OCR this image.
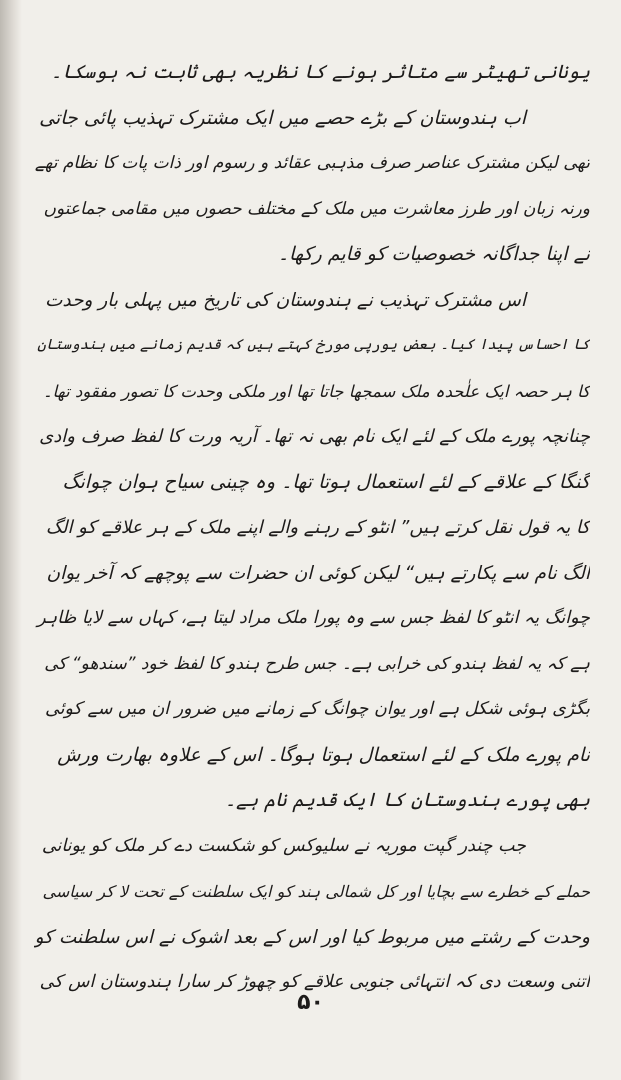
یونانی تھیٹر سے متاثر ہونے کا نظریہ بھی ثابت نہ ہوسکا۔
اب ہندوستان کے بڑے حصے میں ایک مشترک تہذیب پائی جاتی
تھی لیکن مشترک عناصر صرف مذہبی عقائد و رسوم اور ذات پات کا نظام تھے
ورنہ زبان اور طرز معاشرت میں ملک کے مختلف حصوں میں مقامی جماعتوں
نے اپنا جداگانہ خصوصیات کو قایم رکھا۔
اس مشترک تہذیب نے ہندوستان کی تاریخ میں پہلی بار وحدت
کا احساس پیدا کیا۔ بعض یورپی مورخ کہتے ہیں کہ قدیم زمانے میں ہندوستان
کا ہر حصہ ایک علٰحدہ ملک سمجھا جاتا تھا اور ملکی وحدت کا تصور مفقود تھا۔
چنانچہ پورے ملک کے لئے ایک نام بھی نہ تھا۔ آریہ ورت کا لفظ صرف وادی
گنگا کے علاقے کے لئے استعمال ہوتا تھا۔ وہ چینی سیاح ہوان چوانگ
کا یہ قول نقل کرتے ہیں” انٹو کے رہنے والے اپنے ملک کے ہر علاقے کو الگ
الگ نام سے پکارتے ہیں“ لیکن کوئی ان حضرات سے پوچھے کہ آخر یوان
چوانگ یہ انٹو کا لفظ جس سے وہ پورا ملک مراد لیتا ہے، کہاں سے لایا ظاہر
ہے کہ یہ لفظ ہندو کی خرابی ہے۔ جس طرح ہندو کا لفظ خود ”سندھو“ کی
بگڑی ہوئی شکل ہے اور یوان چوانگ کے زمانے میں ضرور ان میں سے کوئی
نام پورے ملک کے لئے استعمال ہوتا ہوگا۔ اس کے علاوہ بھارت ورش
بھی پورے ہندوستان کا ایک قدیم نام ہے۔
جب چندر گپت موریہ نے سلیوکس کو شکست دے کر ملک کو یونانی
حملے کے خطرے سے بچایا اور کل شمالی ہند کو ایک سلطنت کے تحت لا کر سیاسی
وحدت کے رشتے میں مربوط کیا اور اس کے بعد اشوک نے اس سلطنت کو
اتنی وسعت دی کہ انتہائی جنوبی علاقے کو چھوڑ کر سارا ہندوستان اس کی
۵۰
